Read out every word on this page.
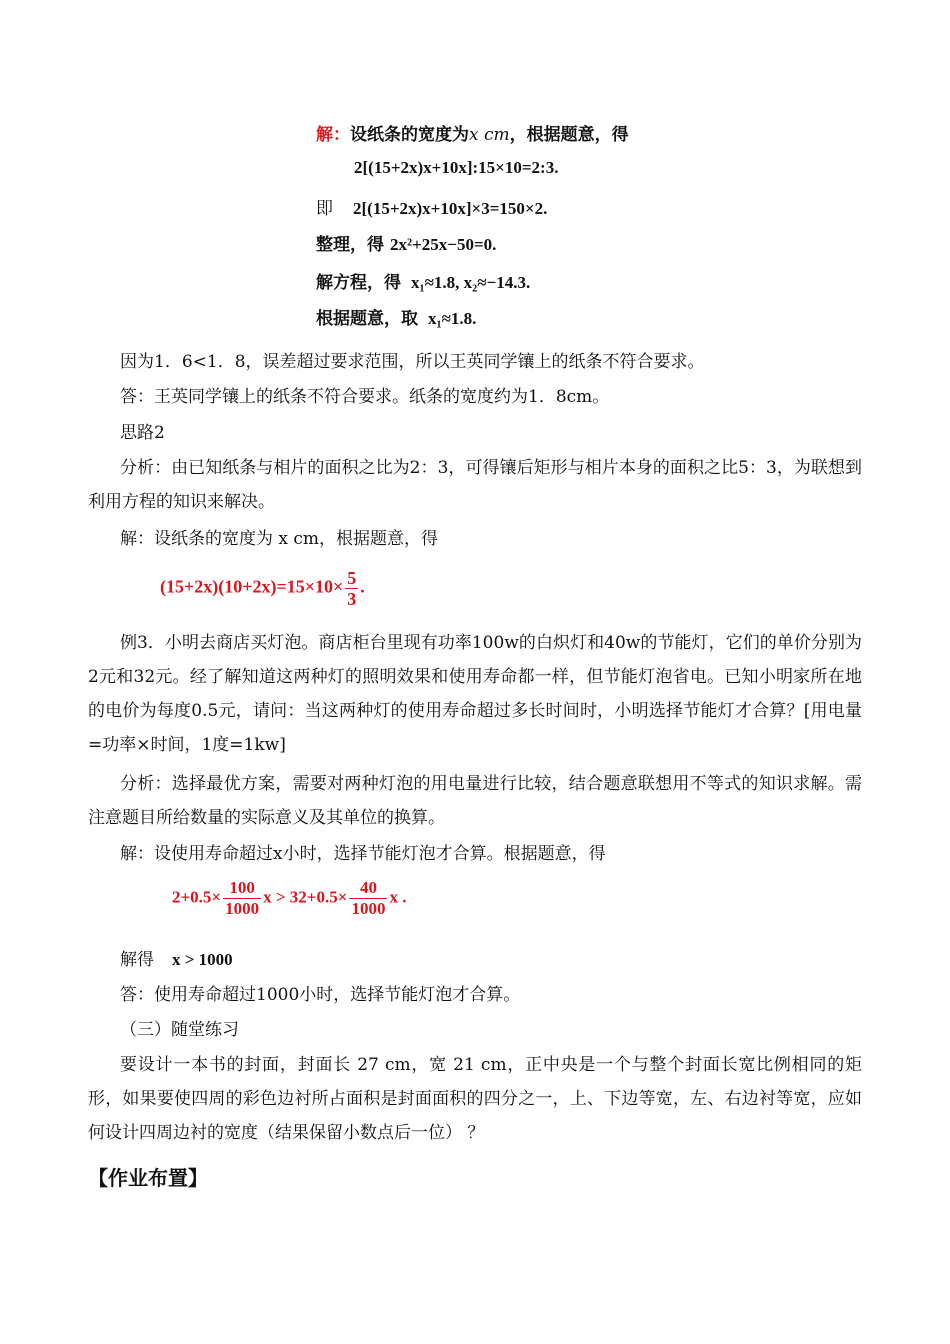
解：设纸条的宽度为x cm，根据题意，得
2[(15+2x)x+10x]:15×10=2:3.
即 2[(15+2x)x+10x]×3=150×2.
整理，得 2x²+25x−50=0.
解方程，得 x₁≈1.8, x₂≈−14.3.
根据题意，取 x₁≈1.8.
因为1．6<1．8，误差超过要求范围，所以王英同学镶上的纸条不符合要求。
答：王英同学镶上的纸条不符合要求。纸条的宽度约为1．8cm。
思路2
分析：由已知纸条与相片的面积之比为2：3，可得镶后矩形与相片本身的面积之比5：3，为联想到利用方程的知识来解决。
解：设纸条的宽度为 x cm，根据题意，得
$(15+2x)(10+2x)=15\times 10\times \frac{5}{3}$ .
例3．小明去商店买灯泡。商店柜台里现有功率100w的白炽灯和40w的节能灯，它们的单价分别为2元和32元。经了解知道这两种灯的照明效果和使用寿命都一样，但节能灯泡省电。已知小明家所在地的电价为每度0.5元，请问：当这两种灯的使用寿命超过多长时间时，小明选择节能灯才合算？[用电量=功率×时间，1度=1kw]
分析：选择最优方案，需要对两种灯泡的用电量进行比较，结合题意联想用不等式的知识求解。需注意题目所给数量的实际意义及其单位的换算。
解：设使用寿命超过x小时，选择节能灯泡才合算。根据题意，得
$2+0.5\times \frac{100}{1000}$ $x > 32+0.5\times \frac{40}{1000}$ x .
解得 x > 1000
答：使用寿命超过1000小时，选择节能灯泡才合算。
（三）随堂练习
要设计一本书的封面，封面长 27 cm，宽 21 cm，正中央是一个与整个封面长宽比例相同的矩形，如果要使四周的彩色边衬所占面积是封面面积的四分之一，上、下边等宽，左、右边衬等宽，应如何设计四周边衬的宽度（结果保留小数点后一位） ？
【作业布置】
